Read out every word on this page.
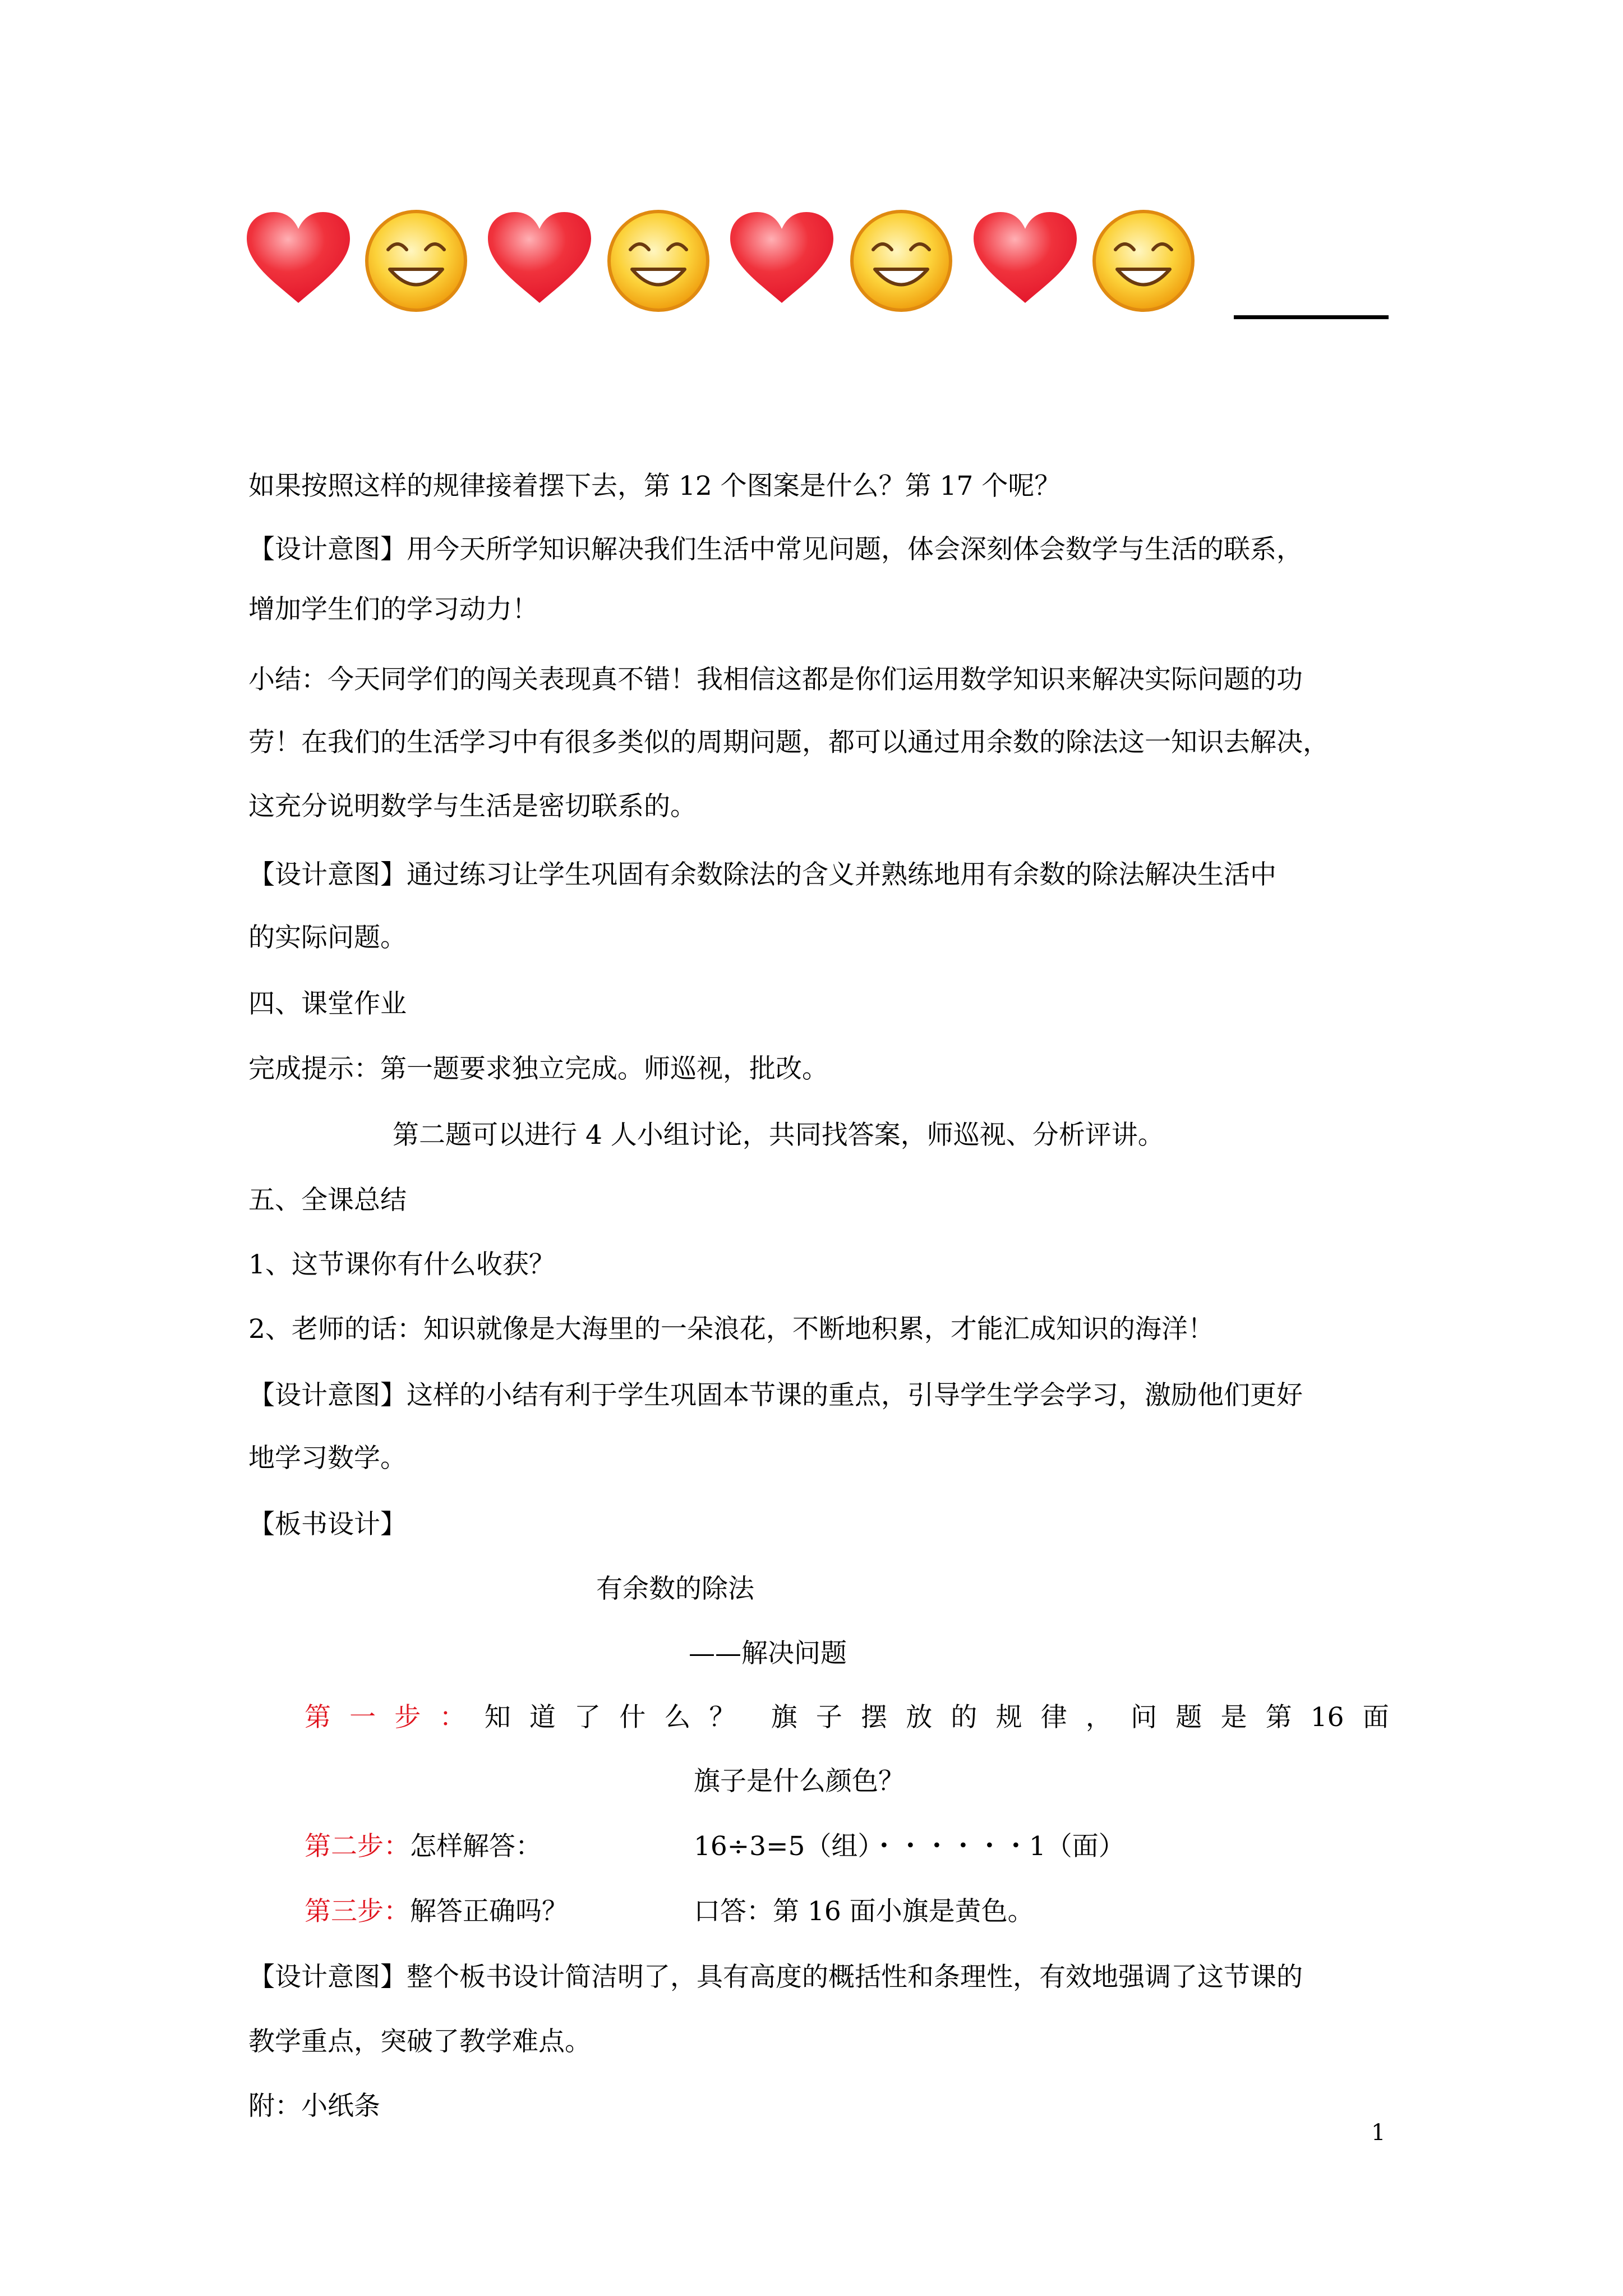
如果按照这样的规律接着摆下去，第 12 个图案是什么？第 17 个呢？
【设计意图】用今天所学知识解决我们生活中常见问题，体会深刻体会数学与生活的联系，
增加学生们的学习动力！
小结：今天同学们的闯关表现真不错！我相信这都是你们运用数学知识来解决实际问题的功
劳！在我们的生活学习中有很多类似的周期问题，都可以通过用余数的除法这一知识去解决，
这充分说明数学与生活是密切联系的。
【设计意图】通过练习让学生巩固有余数除法的含义并熟练地用有余数的除法解决生活中
的实际问题。
四、课堂作业
完成提示：第一题要求独立完成。师巡视，批改。
第二题可以进行 4 人小组讨论，共同找答案，师巡视、分析评讲。
五、全课总结
1、这节课你有什么收获？
2、老师的话：知识就像是大海里的一朵浪花，不断地积累，才能汇成知识的海洋！
【设计意图】这样的小结有利于学生巩固本节课的重点，引导学生学会学习，激励他们更好
地学习数学。
【板书设计】
有余数的除法
——解决问题
第 一 步 ： 知 道 了 什 么 ？ 旗 子 摆 放 的 规 律 ， 问 题 是 第 16 面
旗子是什么颜色？
第二步：怎样解答：	16÷3=5（组）・・・・・・1（面）
第三步：解答正确吗？	口答：第 16 面小旗是黄色。
【设计意图】整个板书设计简洁明了，具有高度的概括性和条理性，有效地强调了这节课的
教学重点，突破了教学难点。
附：小纸条
1
